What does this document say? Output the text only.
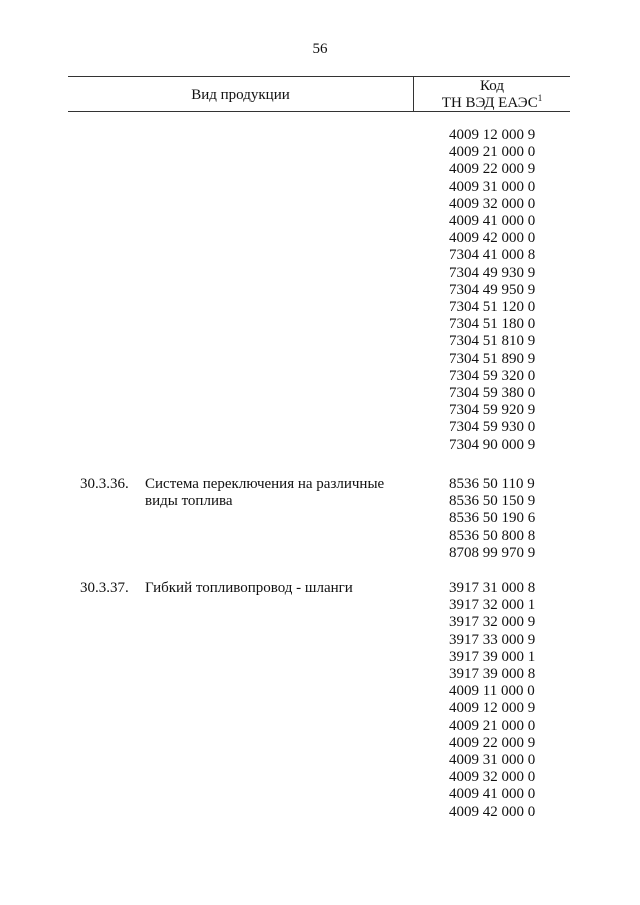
56
Вид продукции
Код
ТН ВЭД ЕАЭС$^1$
4009 12 000 9
4009 21 000 0
4009 22 000 9
4009 31 000 0
4009 32 000 0
4009 41 000 0
4009 42 000 0
7304 41 000 8
7304 49 930 9
7304 49 950 9
7304 51 120 0
7304 51 180 0
7304 51 810 9
7304 51 890 9
7304 59 320 0
7304 59 380 0
7304 59 920 9
7304 59 930 0
7304 90 000 9
30.3.36. Система переключения на различные виды топлива
8536 50 110 9
8536 50 150 9
8536 50 190 6
8536 50 800 8
8708 99 970 9
30.3.37. Гибкий топливопровод - шланги	3917 31 000 8
3917 32 000 1
3917 32 000 9
3917 33 000 9
3917 39 000 1
3917 39 000 8
4009 11 000 0
4009 12 000 9
4009 21 000 0
4009 22 000 9
4009 31 000 0
4009 32 000 0
4009 41 000 0
4009 42 000 0
